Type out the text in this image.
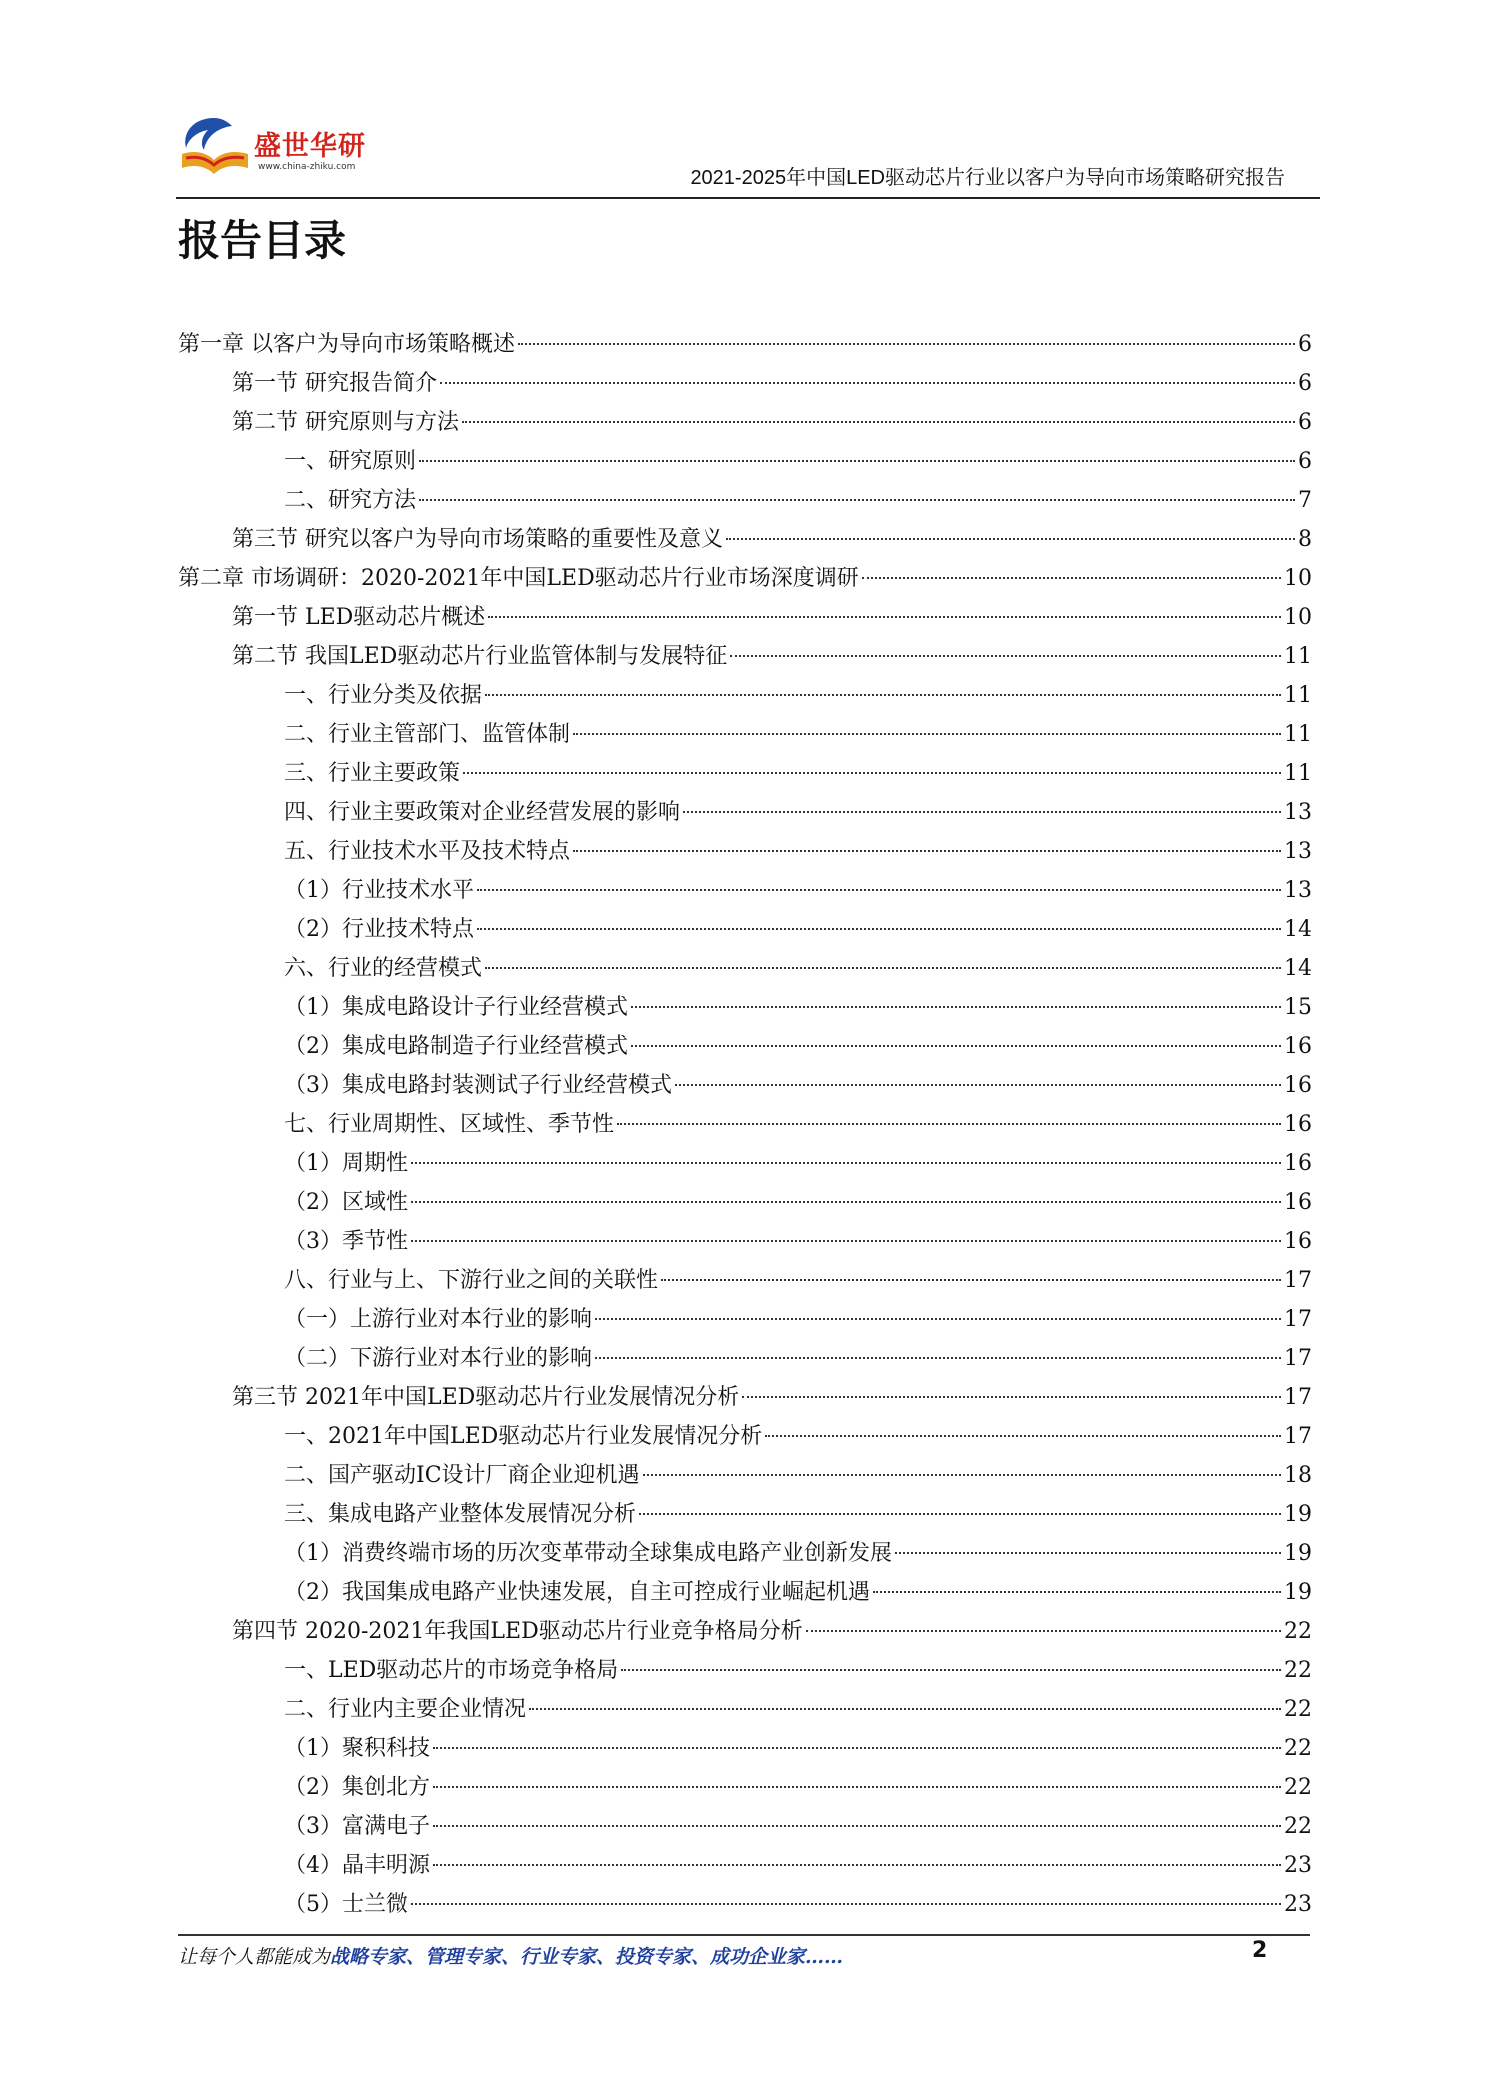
盛世华研
www.china-zhiku.com	2021-2025年中国LED驱动芯片行业以客户为导向市场策略研究报告
报告目录
第一章 以客户为导向市场策略概述	6
第一节 研究报告简介	6
第二节 研究原则与方法	6
一、研究原则	6
二、研究方法	7
第三节 研究以客户为导向市场策略的重要性及意义	8
第二章 市场调研：2020-2021年中国LED驱动芯片行业市场深度调研	10
第一节 LED驱动芯片概述	10
第二节 我国LED驱动芯片行业监管体制与发展特征	11
一、行业分类及依据	11
二、行业主管部门、监管体制	11
三、行业主要政策	11
四、行业主要政策对企业经营发展的影响	13
五、行业技术水平及技术特点	13
（1）行业技术水平	13
（2）行业技术特点	14
六、行业的经营模式	14
（1）集成电路设计子行业经营模式	15
（2）集成电路制造子行业经营模式	16
（3）集成电路封装测试子行业经营模式	16
七、行业周期性、区域性、季节性	16
（1）周期性	16
（2）区域性	16
（3）季节性	16
八、行业与上、下游行业之间的关联性	17
（一）上游行业对本行业的影响	17
（二）下游行业对本行业的影响	17
第三节 2021年中国LED驱动芯片行业发展情况分析	17
一、2021年中国LED驱动芯片行业发展情况分析	17
二、国产驱动IC设计厂商企业迎机遇	18
三、集成电路产业整体发展情况分析	19
（1）消费终端市场的历次变革带动全球集成电路产业创新发展	19
（2）我国集成电路产业快速发展，自主可控成行业崛起机遇	19
第四节 2020-2021年我国LED驱动芯片行业竞争格局分析	22
一、LED驱动芯片的市场竞争格局	22
二、行业内主要企业情况	22
（1）聚积科技	22
（2）集创北方	22
（3）富满电子	22
（4）晶丰明源	23
（5）士兰微	23
让每个人都能成为战略专家、管理专家、行业专家、投资专家、成功企业家……	2
